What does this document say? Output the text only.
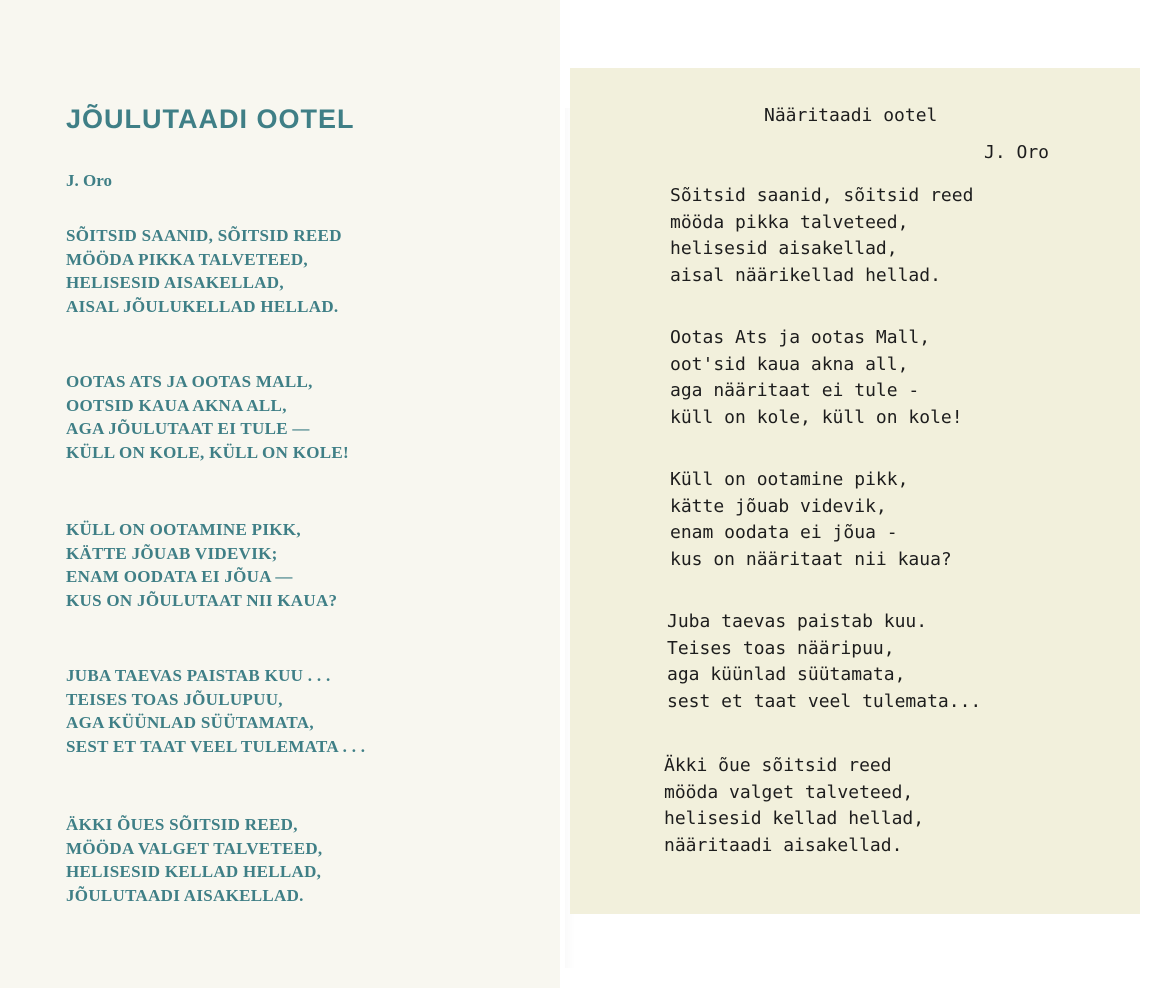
JÕULUTAADI OOTEL

J. Oro

SÕITSID SAANID, SÕITSID REED
MÖÖDA PIKKA TALVETEED,
HELISESID AISAKELLAD,
AISAL JÕULUKELLAD HELLAD.
OOTAS ATS JA OOTAS MALL,
OOTSID KAUA AKNA ALL,
AGA JÕULUTAAT EI TULE —
KÜLL ON KOLE, KÜLL ON KOLE!
KÜLL ON OOTAMINE PIKK,
KÄTTE JÕUAB VIDEVIK;
ENAM OODATA EI JÕUA —
KUS ON JÕULUTAAT NII KAUA?
JUBA TAEVAS PAISTAB KUU . . .
TEISES TOAS JÕULUPUU,
AGA KÜÜNLAD SÜÜTAMATA,
SEST ET TAAT VEEL TULEMATA . . .
ÄKKI ÕUES SÕITSID REED,
MÖÖDA VALGET TALVETEED,
HELISESID KELLAD HELLAD,
JÕULUTAADI AISAKELLAD.

Nääritaadi ootel

J. Oro

Sõitsid saanid, sõitsid reed
mööda pikka talveteed,
helisesid aisakellad,
aisal näärikellad hellad.
Ootas Ats ja ootas Mall,
oot'sid kaua akna all,
aga nääritaat ei tule -
küll on kole, küll on kole!
Küll on ootamine pikk,
kätte jõuab videvik,
enam oodata ei jõua -
kus on nääritaat nii kaua?
Juba taevas paistab kuu.
Teises toas nääripuu,
aga küünlad süütamata,
sest et taat veel tulemata...
Äkki õue sõitsid reed
mööda valget talveteed,
helisesid kellad hellad,
nääritaadi aisakellad.
